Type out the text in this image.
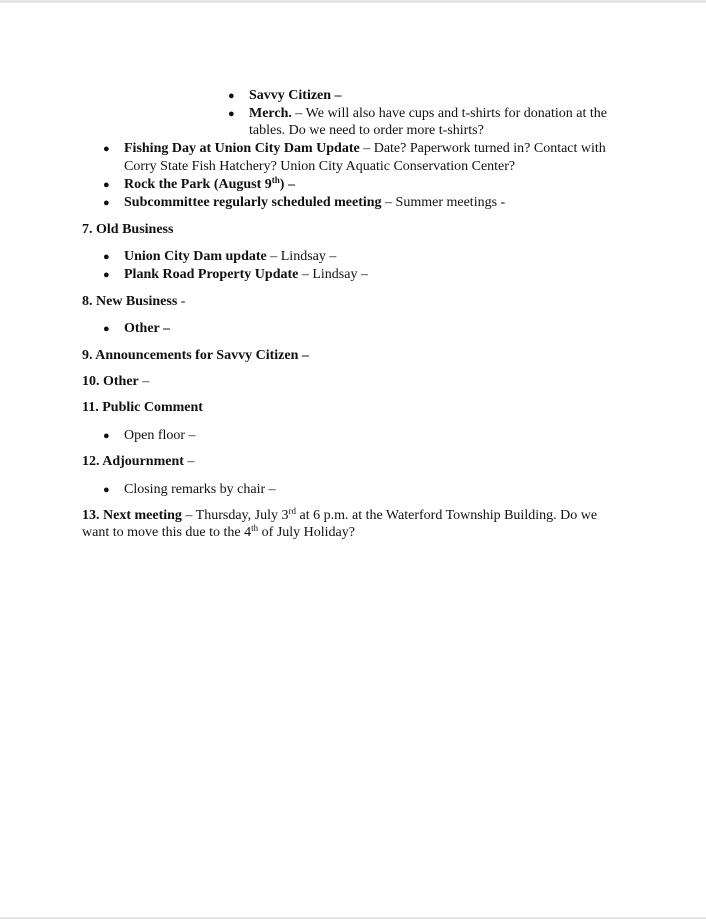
● Savvy Citizen –
● Merch. – We will also have cups and t-shirts for donation at the
tables. Do we need to order more t-shirts?
● Fishing Day at Union City Dam Update – Date? Paperwork turned in? Contact with
Corry State Fish Hatchery? Union City Aquatic Conservation Center?
● Rock the Park (August 9th) –
● Subcommittee regularly scheduled meeting – Summer meetings -
7. Old Business
● Union City Dam update – Lindsay –
● Plank Road Property Update – Lindsay –
8. New Business -
● Other –
9. Announcements for Savvy Citizen –
10. Other –
11. Public Comment
● Open floor –
12. Adjournment –
● Closing remarks by chair –
13. Next meeting – Thursday, July 3rd at 6 p.m. at the Waterford Township Building. Do we
want to move this due to the 4th of July Holiday?
